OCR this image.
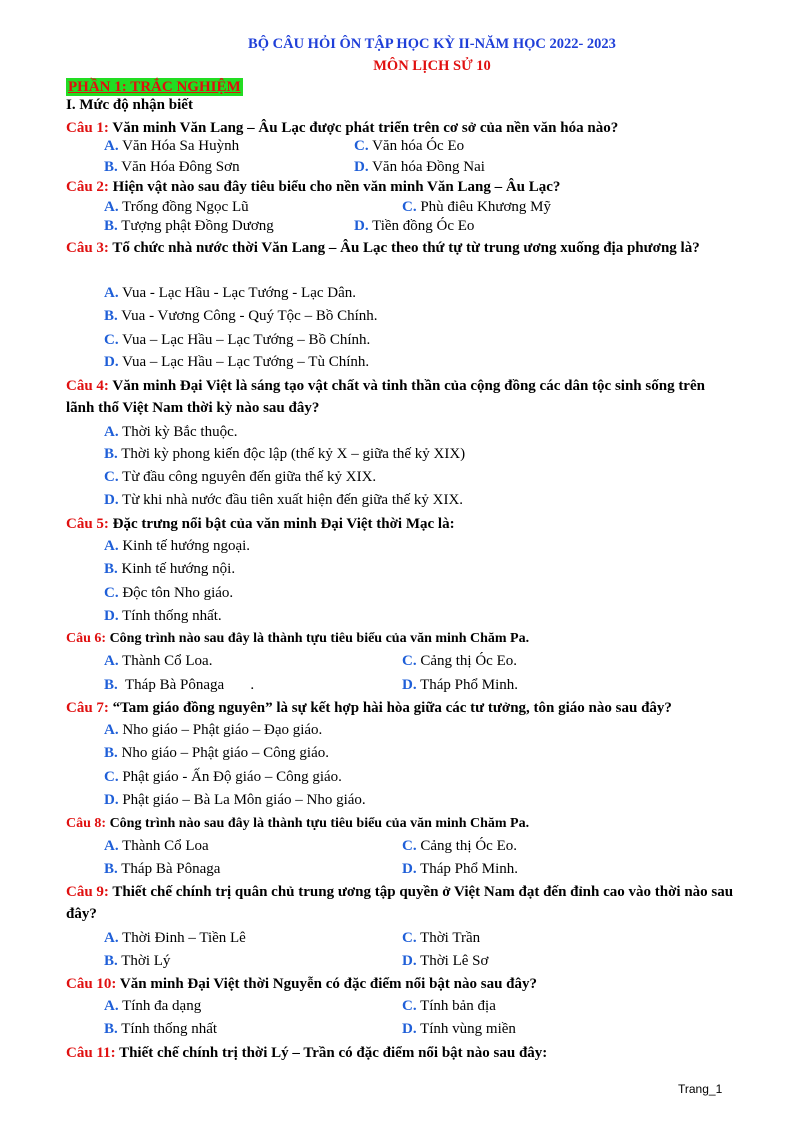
BỘ CÂU HỎI ÔN TẬP HỌC KỲ II-NĂM HỌC 2022- 2023
MÔN LỊCH SỬ 10
PHẦN 1: TRẮC NGHIỆM
I. Mức độ nhận biết
Câu 1: Văn minh Văn Lang – Âu Lạc được phát triển trên cơ sở của nền văn hóa nào?
A. Văn Hóa Sa Huỳnh	C. Văn hóa Óc Eo
B. Văn Hóa Đông Sơn	D. Văn hóa Đồng Nai
Câu 2: Hiện vật nào sau đây tiêu biểu cho nền văn minh Văn Lang – Âu Lạc?
A. Trống đồng Ngọc Lũ	C. Phù điêu Khương Mỹ
B. Tượng phật Đồng Dương	D. Tiền đồng Óc Eo
Câu 3: Tổ chức nhà nước thời Văn Lang – Âu Lạc theo thứ tự từ trung ương xuống địa phương là?
A. Vua - Lạc Hầu - Lạc Tướng - Lạc Dân.
B. Vua - Vương Công - Quý Tộc – Bồ Chính.
C. Vua – Lạc Hầu – Lạc Tướng – Bồ Chính.
D. Vua – Lạc Hầu – Lạc Tướng – Tù Chính.
Câu 4: Văn minh Đại Việt là sáng tạo vật chất và tinh thần của cộng đồng các dân tộc sinh sống trên lãnh thổ Việt Nam thời kỳ nào sau đây?
A. Thời kỳ Bắc thuộc.
B. Thời kỳ phong kiến độc lập (thế kỷ X – giữa thế kỷ XIX)
C. Từ đầu công nguyên đến giữa thế kỷ XIX.
D. Từ khi nhà nước đầu tiên xuất hiện đến giữa thế kỷ XIX.
Câu 5: Đặc trưng nổi bật của văn minh Đại Việt thời Mạc là:
A. Kinh tế hướng ngoại.
B. Kinh tế hướng nội.
C. Độc tôn Nho giáo.
D. Tính thống nhất.
Câu 6: Công trình nào sau đây là thành tựu tiêu biểu của văn minh Chăm Pa.
A. Thành Cổ Loa.	C. Cảng thị Óc Eo.
B.  Tháp Bà Pônaga       .	D. Tháp Phổ Minh.
Câu 7: “Tam giáo đồng nguyên” là sự kết hợp hài hòa giữa các tư tưởng, tôn giáo nào sau đây?
A. Nho giáo – Phật giáo – Đạo giáo.
B. Nho giáo – Phật giáo – Công giáo.
C. Phật giáo - Ấn Độ giáo – Công giáo.
D. Phật giáo – Bà La Môn giáo – Nho giáo.
Câu 8: Công trình nào sau đây là thành tựu tiêu biểu của văn minh Chăm Pa.
A. Thành Cổ Loa	C. Cảng thị Óc Eo.
B. Tháp Bà Pônaga	D. Tháp Phổ Minh.
Câu 9: Thiết chế chính trị quân chủ trung ương tập quyền ở Việt Nam đạt đến đỉnh cao vào thời nào sau đây?
A. Thời Đinh – Tiền Lê	C. Thời Trần
B. Thời Lý	D. Thời Lê Sơ
Câu 10: Văn minh Đại Việt thời Nguyễn có đặc điểm nổi bật nào sau đây?
A. Tính đa dạng	C. Tính bản địa
B. Tính thống nhất	D. Tính vùng miền
Câu 11: Thiết chế chính trị thời Lý – Trần có đặc điểm nổi bật nào sau đây:
Trang_1
